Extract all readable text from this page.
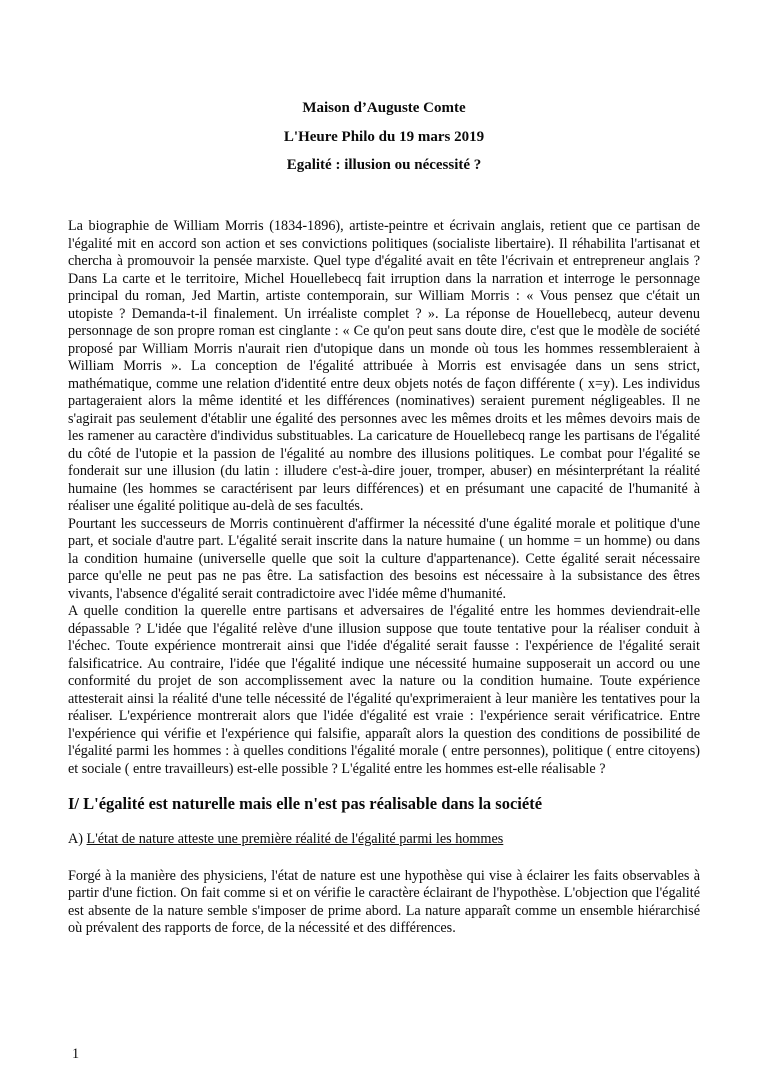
Maison d’Auguste Comte

L'Heure Philo du 19 mars 2019

Egalité : illusion ou nécessité ?

La biographie de William Morris (1834-1896), artiste-peintre et écrivain anglais, retient que ce partisan de l'égalité mit en accord son action et ses convictions politiques (socialiste libertaire). Il réhabilita l'artisanat et chercha à promouvoir la pensée marxiste. Quel type d'égalité avait en tête l'écrivain et entrepreneur anglais ? Dans La carte et le territoire, Michel Houellebecq fait irruption dans la narration et interroge le personnage principal du roman, Jed Martin, artiste contemporain, sur William Morris : « Vous pensez que c'était un utopiste ? Demanda-t-il finalement. Un irréaliste complet ? ». La réponse de Houellebecq, auteur devenu personnage de son propre roman est cinglante : « Ce qu'on peut sans doute dire, c'est que le modèle de société proposé par William Morris n'aurait rien d'utopique dans un monde où tous les hommes ressembleraient à William Morris ». La conception de l'égalité attribuée à Morris est envisagée dans un sens strict, mathématique, comme une relation d'identité entre deux objets notés de façon différente ( x=y). Les individus partageraient alors la même identité et les différences (nominatives) seraient purement négligeables. Il ne s'agirait pas seulement d'établir une égalité des personnes avec les mêmes droits et les mêmes devoirs mais de les ramener au caractère d'individus substituables. La caricature de Houellebecq range les partisans de l'égalité du côté de l'utopie et la passion de l'égalité au nombre des illusions politiques. Le combat pour l'égalité se fonderait sur une illusion (du latin : illudere c'est-à-dire jouer, tromper, abuser) en mésinterprétant la réalité humaine (les hommes se caractérisent par leurs différences) et en présumant une capacité de l'humanité à réaliser une égalité politique au-delà de ses facultés.

Pourtant les successeurs de Morris continuèrent d'affirmer la nécessité d'une égalité morale et politique d'une part, et sociale d'autre part. L'égalité serait inscrite dans la nature humaine ( un homme = un homme) ou dans la condition humaine (universelle quelle que soit la culture d'appartenance). Cette égalité serait nécessaire parce qu'elle ne peut pas ne pas être. La satisfaction des besoins est nécessaire à la subsistance des êtres vivants, l'absence d'égalité serait contradictoire avec l'idée même d'humanité.

A quelle condition la querelle entre partisans et adversaires de l'égalité entre les hommes deviendrait-elle dépassable ? L'idée que l'égalité relève d'une illusion suppose que toute tentative pour la réaliser conduit à l'échec. Toute expérience montrerait ainsi que l'idée d'égalité serait fausse : l'expérience de l'égalité serait falsificatrice. Au contraire, l'idée que l'égalité indique une nécessité humaine supposerait un accord ou une conformité du projet de son accomplissement avec la nature ou la condition humaine. Toute expérience attesterait ainsi la réalité d'une telle nécessité de l'égalité qu'exprimeraient à leur manière les tentatives pour la réaliser. L'expérience montrerait alors que l'idée d'égalité est vraie : l'expérience serait vérificatrice. Entre l'expérience qui vérifie et l'expérience qui falsifie, apparaît alors la question des conditions de possibilité de l'égalité parmi les hommes : à quelles conditions l'égalité morale ( entre personnes), politique ( entre citoyens) et sociale ( entre travailleurs) est-elle possible ? L'égalité entre les hommes est-elle réalisable ?

I/ L'égalité est naturelle mais elle n'est pas réalisable dans la société
A) L'état de nature atteste une première réalité de l'égalité parmi les hommes

Forgé à la manière des physiciens, l'état de nature est une hypothèse qui vise à éclairer les faits observables à partir d'une fiction. On fait comme si et on vérifie le caractère éclairant de l'hypothèse. L'objection que l'égalité est absente de la nature semble s'imposer de prime abord. La nature apparaît comme un ensemble hiérarchisé où prévalent des rapports de force, de la nécessité et des différences.

1
